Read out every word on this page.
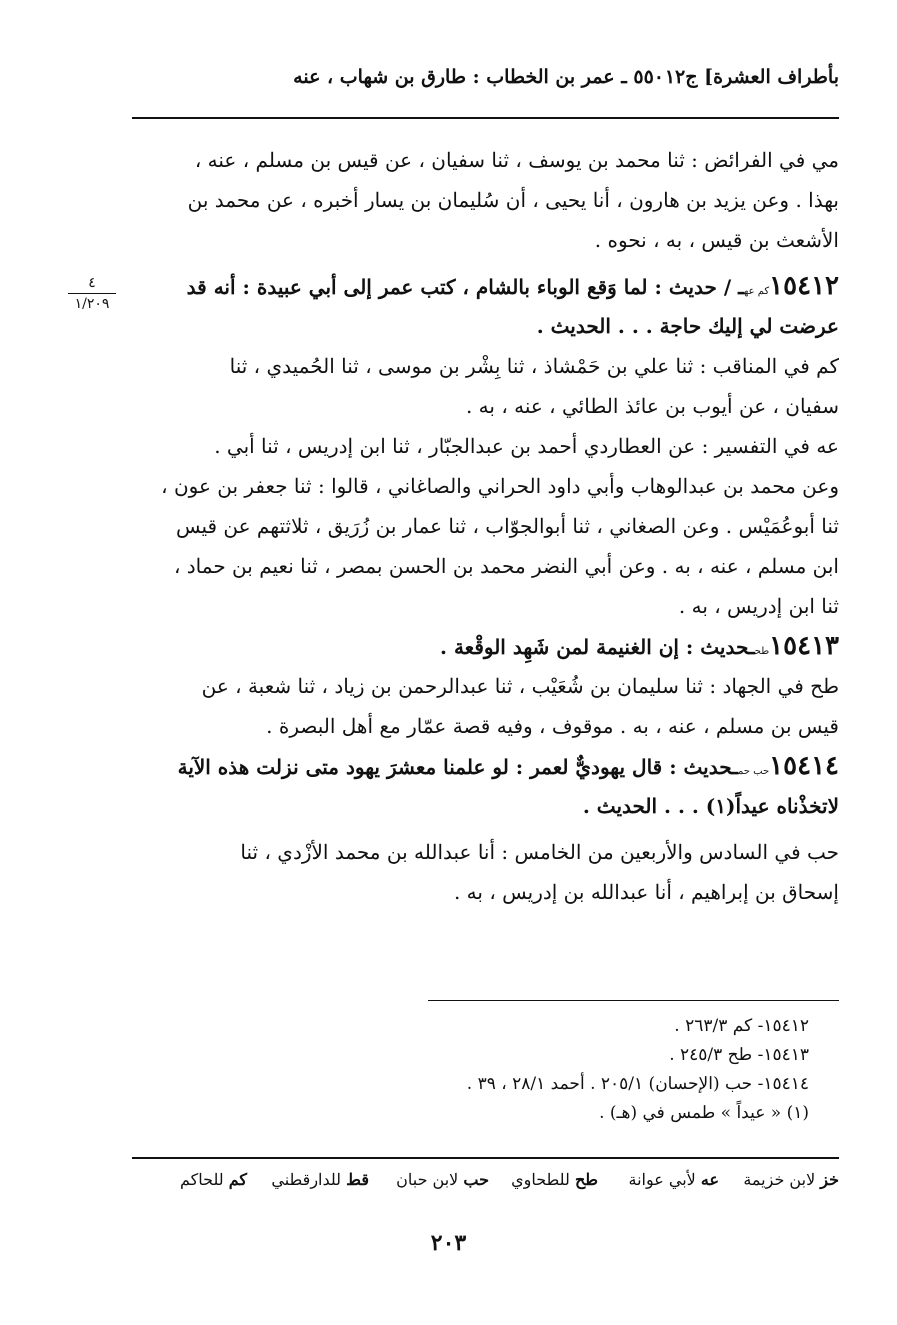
بأطراف العشرة] ج١٢
٥٥٠ ـ عمر بن الخطاب : طارق بن شهاب ، عنه
٤
١/٢٠٩
مي في الفرائض : ثنا محمد بن يوسف ، ثنا سفيان ، عن قيس بن مسلم ، عنه ،
بهذا . وعن يزيد بن هارون ، أنا يحيى ، أن سُليمان بن يسار أخبره ، عن محمد بن
الأشعث بن قيس ، به ، نحوه .
١٥٤١٢كم عهـ / حديث : لما وَقع الوباء بالشام ، كتب عمر إلى أبي عبيدة : أنه قد
عرضت لي إليك حاجة . . . الحديث .
كم في المناقب : ثنا علي بن حَمْشاذ ، ثنا بِشْر بن موسى ، ثنا الحُميدي ، ثنا
سفيان ، عن أيوب بن عائذ الطائي ، عنه ، به .
عه في التفسير : عن العطاردي أحمد بن عبدالجبّار ، ثنا ابن إدريس ، ثنا أبي .
وعن محمد بن عبدالوهاب وأبي داود الحراني والصاغاني ، قالوا : ثنا جعفر بن عون ،
ثنا أبوعُمَيْس . وعن الصغاني ، ثنا أبوالجوّاب ، ثنا عمار بن زُرَيق ، ثلاثتهم عن قيس
ابن مسلم ، عنه ، به . وعن أبي النضر محمد بن الحسن بمصر ، ثنا نعيم بن حماد ،
ثنا ابن إدريس ، به .
١٥٤١٣طحـحديث : إن الغنيمة لمن شَهِد الوقْعة .
طح في الجهاد : ثنا سليمان بن شُعَيْب ، ثنا عبدالرحمن بن زياد ، ثنا شعبة ، عن
قيس بن مسلم ، عنه ، به . موقوف ، وفيه قصة عمّار مع أهل البصرة .
١٥٤١٤حب حمـحديث : قال يهوديٌّ لعمر : لو علمنا معشرَ يهود متى نزلت هذه الآية
لاتخذْناه عيداً(١) . . . الحديث .
حب في السادس والأربعين من الخامس : أنا عبدالله بن محمد الأزْدي ، ثنا
إسحاق بن إبراهيم ، أنا عبدالله بن إدريس ، به .
١٥٤١٢- كم ٢٦٣/٣ .
١٥٤١٣- طح ٢٤٥/٣ .
١٥٤١٤- حب (الإحسان) ٢٠٥/١ . أحمد ٢٨/١ ، ٣٩ .
(١) « عيداً » طمس في (هـ) .
خز لابن خزيمة
عه لأبي عوانة
طح للطحاوي
حب لابن حبان
قط للدارقطني
كم للحاكم
٢٠٣
